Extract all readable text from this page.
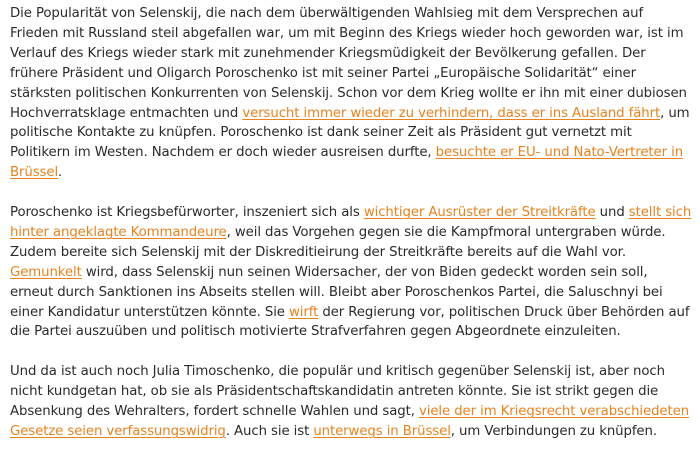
Die Popularität von Selenskij, die nach dem überwältigenden Wahlsieg mit dem Versprechen auf Frieden mit Russland steil abgefallen war, um mit Beginn des Kriegs wieder hoch geworden war, ist im Verlauf des Kriegs wieder stark mit zunehmender Kriegsmüdigkeit der Bevölkerung gefallen. Der frühere Präsident und Oligarch Poroschenko ist mit seiner Partei „Europäische Solidarität“ einer stärksten politischen Konkurrenten von Selenskij. Schon vor dem Krieg wollte er ihn mit einer dubiosen Hochverratsklage entmachten und versucht immer wieder zu verhindern, dass er ins Ausland fährt, um politische Kontakte zu knüpfen. Poroschenko ist dank seiner Zeit als Präsident gut vernetzt mit Politikern im Westen. Nachdem er doch wieder ausreisen durfte, besuchte er EU- und Nato-Vertreter in Brüssel.

Poroschenko ist Kriegsbefürworter, inszeniert sich als wichtiger Ausrüster der Streitkräfte und stellt sich hinter angeklagte Kommandeure, weil das Vorgehen gegen sie die Kampfmoral untergraben würde. Zudem bereite sich Selenskij mit der Diskreditieirung der Streitkräfte bereits auf die Wahl vor. Gemunkelt wird, dass Selenskij nun seinen Widersacher, der von Biden gedeckt worden sein soll, erneut durch Sanktionen ins Abseits stellen will. Bleibt aber Poroschenkos Partei, die Saluschnyi bei einer Kandidatur unterstützen könnte. Sie wirft der Regierung vor, politischen Druck über Behörden auf die Partei auszuüben und politisch motivierte Strafverfahren gegen Abgeordnete einzuleiten.

Und da ist auch noch Julia Timoschenko, die populär und kritisch gegenüber Selenskij ist, aber noch nicht kundgetan hat, ob sie als Präsidentschaftskandidatin antreten könnte. Sie ist strikt gegen die Absenkung des Wehralters, fordert schnelle Wahlen und sagt, viele der im Kriegsrecht verabschiedeten Gesetze seien verfassungswidrig. Auch sie ist unterwegs in Brüssel, um Verbindungen zu knüpfen.
